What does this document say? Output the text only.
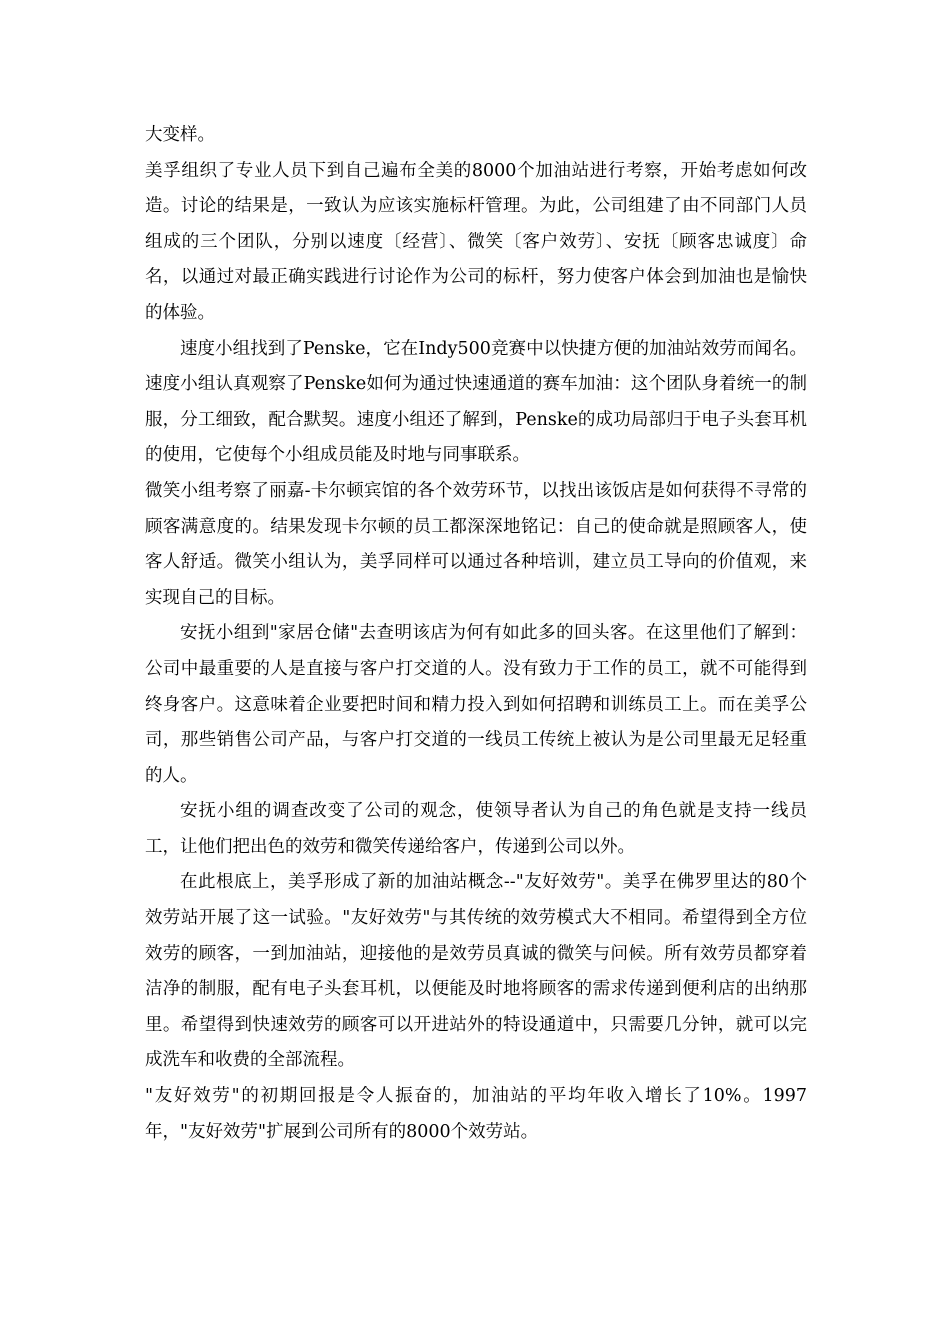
大变样。

美孚组织了专业人员下到自己遍布全美的8000个加油站进行考察，开始考虑如何改造。讨论的结果是，一致认为应该实施标杆管理。为此，公司组建了由不同部门人员组成的三个团队，分别以速度〔经营〕、微笑〔客户效劳〕、安抚〔顾客忠诚度〕命名，以通过对最正确实践进行讨论作为公司的标杆，努力使客户体会到加油也是愉快的体验。

速度小组找到了Penske，它在Indy500竞赛中以快捷方便的加油站效劳而闻名。速度小组认真观察了Penske如何为通过快速通道的赛车加油：这个团队身着统一的制服，分工细致，配合默契。速度小组还了解到，Penske的成功局部归于电子头套耳机的使用，它使每个小组成员能及时地与同事联系。

微笑小组考察了丽嘉-卡尔顿宾馆的各个效劳环节，以找出该饭店是如何获得不寻常的顾客满意度的。结果发现卡尔顿的员工都深深地铭记：自己的使命就是照顾客人，使客人舒适。微笑小组认为，美孚同样可以通过各种培训，建立员工导向的价值观，来实现自己的目标。

安抚小组到"家居仓储"去查明该店为何有如此多的回头客。在这里他们了解到：公司中最重要的人是直接与客户打交道的人。没有致力于工作的员工，就不可能得到终身客户。这意味着企业要把时间和精力投入到如何招聘和训练员工上。而在美孚公司，那些销售公司产品，与客户打交道的一线员工传统上被认为是公司里最无足轻重的人。

安抚小组的调查改变了公司的观念，使领导者认为自己的角色就是支持一线员工，让他们把出色的效劳和微笑传递给客户，传递到公司以外。

在此根底上，美孚形成了新的加油站概念--"友好效劳"。美孚在佛罗里达的80个效劳站开展了这一试验。"友好效劳"与其传统的效劳模式大不相同。希望得到全方位效劳的顾客，一到加油站，迎接他的是效劳员真诚的微笑与问候。所有效劳员都穿着洁净的制服，配有电子头套耳机，以便能及时地将顾客的需求传递到便利店的出纳那里。希望得到快速效劳的顾客可以开进站外的特设通道中，只需要几分钟，就可以完成洗车和收费的全部流程。

"友好效劳"的初期回报是令人振奋的，加油站的平均年收入增长了10%。1997年，"友好效劳"扩展到公司所有的8000个效劳站。
